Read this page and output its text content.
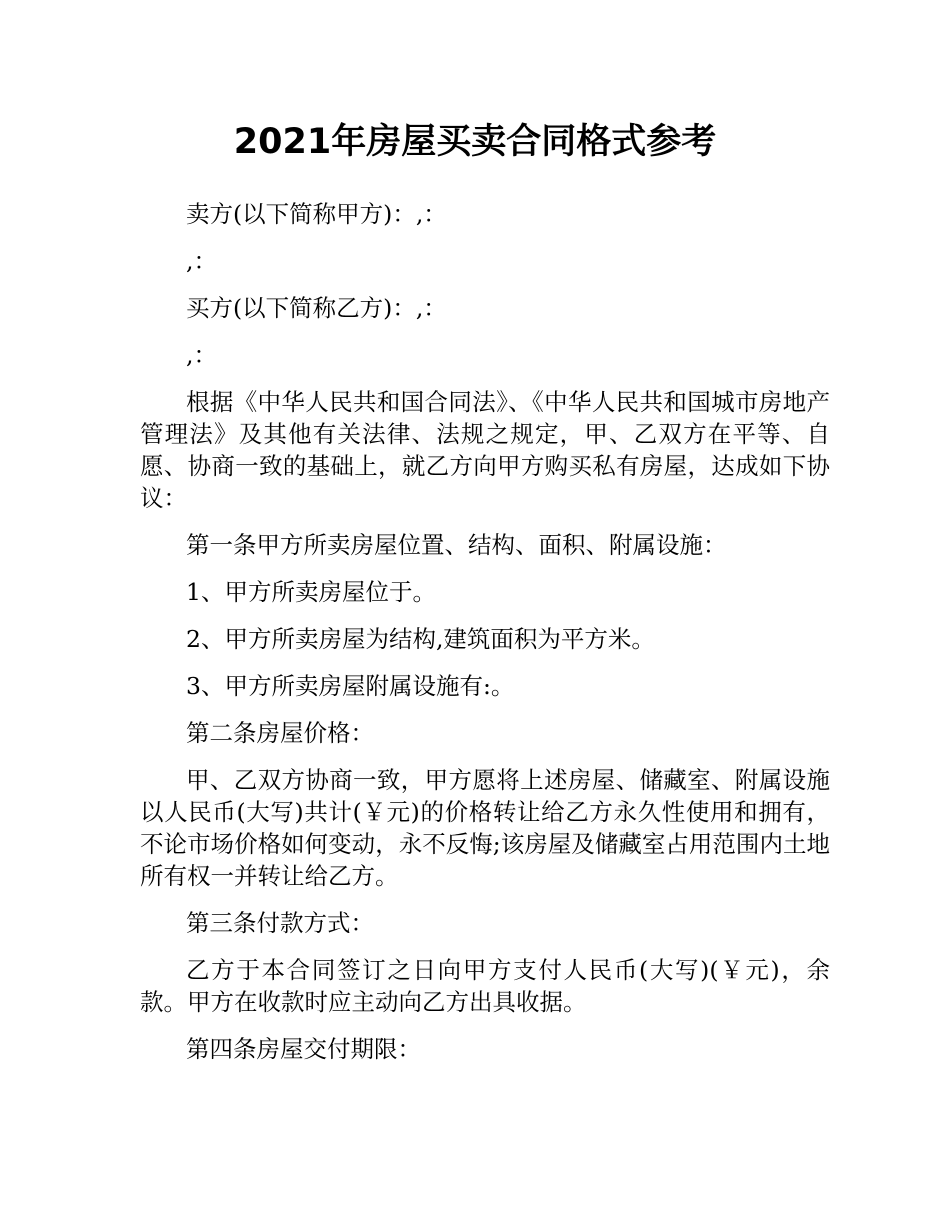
2021年房屋买卖合同格式参考

卖方(以下简称甲方)：,：

,：

买方(以下简称乙方)：,：

,：

根据《中华人民共和国合同法》、《中华人民共和国城市房地产管理法》及其他有关法律、法规之规定，甲、乙双方在平等、自愿、协商一致的基础上，就乙方向甲方购买私有房屋，达成如下协议：

第一条甲方所卖房屋位置、结构、面积、附属设施：

1、甲方所卖房屋位于。

2、甲方所卖房屋为结构,建筑面积为平方米。

3、甲方所卖房屋附属设施有:。

第二条房屋价格：

甲、乙双方协商一致，甲方愿将上述房屋、储藏室、附属设施以人民币(大写)共计(￥元)的价格转让给乙方永久性使用和拥有，不论市场价格如何变动，永不反悔;该房屋及储藏室占用范围内土地所有权一并转让给乙方。

第三条付款方式：

乙方于本合同签订之日向甲方支付人民币(大写)(￥元)，余款。甲方在收款时应主动向乙方出具收据。

第四条房屋交付期限：
